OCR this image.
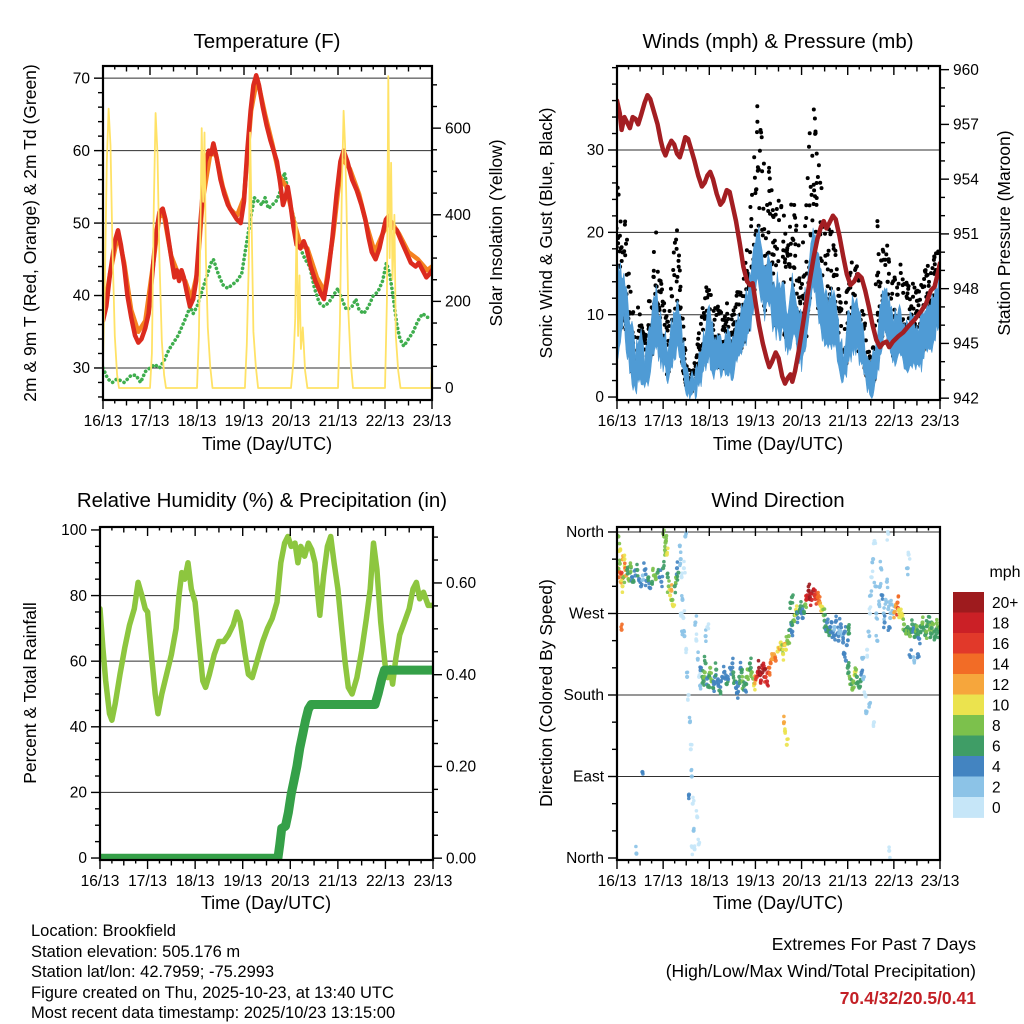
30
40
50
60
70
0
200
400
600
16/13 17/13 18/13 19/13 20/13 21/13 22/13 23/13
0
10
20
30
942
945
948
951
954
957
960
16/13 17/13 18/13 19/13 20/13 21/13 22/13 23/13
0
20
40
60
80
100
0.00
0.20
0.40
0.60
16/13 17/13 18/13 19/13 20/13 21/13 22/13 23/13
North
West
South
East
North
16/13 17/13 18/13 19/13 20/13 21/13 22/13 23/13
20+
18
16
14
12
10
8
6
4
2
0
Temperature (F)	Winds (mph) & Pressure (mb)
Relative Humidity (%) & Precipitation (in)	Wind Direction
Time (Day/UTC)	Time (Day/UTC)
Time (Day/UTC)	Time (Day/UTC)
2m & 9m T (Red, Orange) & 2m Td (Green)	Solar Insolation (Yellow) Sonic Wind & Gust (Blue, Black)	Station Pressure (Maroon)
Percent & Total Rainfall	Direction (Colored By Speed)
mph
Location: Brookfield
Station elevation: 505.176 m
Station lat/lon: 42.7959; -75.2993
Figure created on Thu, 2025-10-23, at 13:40 UTC
Most recent data timestamp: 2025/10/23 13:15:00
Extremes For Past 7 Days
(High/Low/Max Wind/Total Precipitation)
70.4/32/20.5/0.41
